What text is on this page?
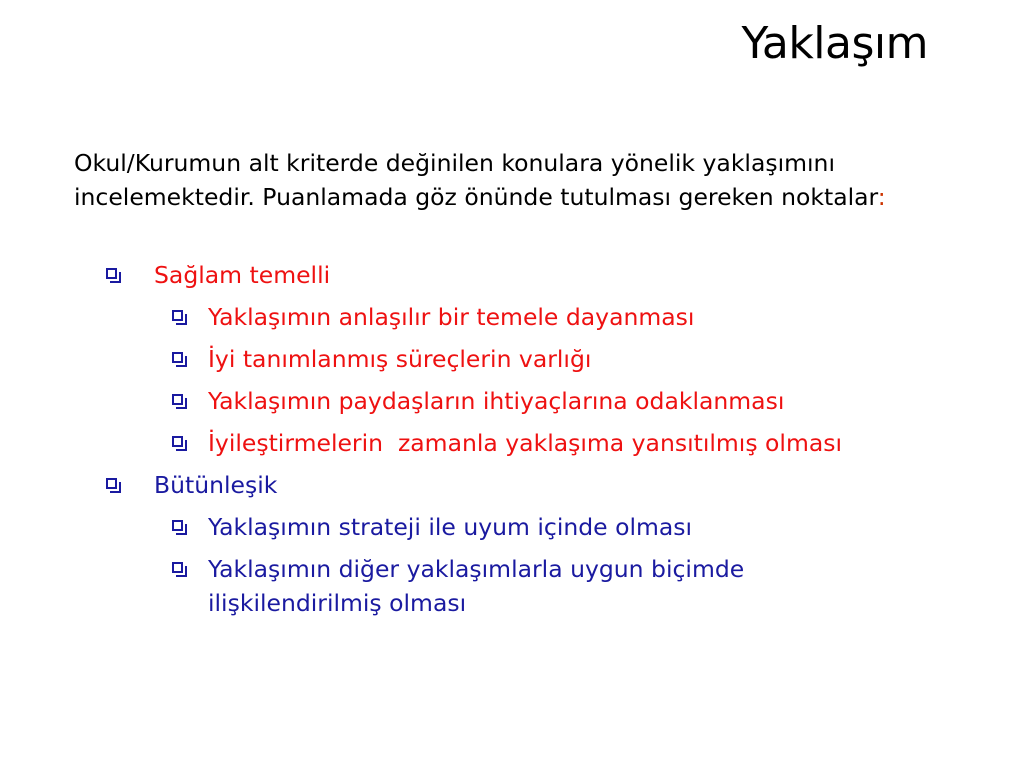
Yaklaşım

Okul/Kurumun alt kriterde değinilen konulara yönelik yaklaşımını incelemektedir. Puanlamada göz önünde tutulması gereken noktalar:

Sağlam temelli
Yaklaşımın anlaşılır bir temele dayanması
İyi tanımlanmış süreçlerin varlığı
Yaklaşımın paydaşların ihtiyaçlarına odaklanması
İyileştirmelerin  zamanla yaklaşıma yansıtılmış olması
Bütünleşik
Yaklaşımın strateji ile uyum içinde olması
Yaklaşımın diğer yaklaşımlarla uygun biçimde ilişkilendirilmiş olması
